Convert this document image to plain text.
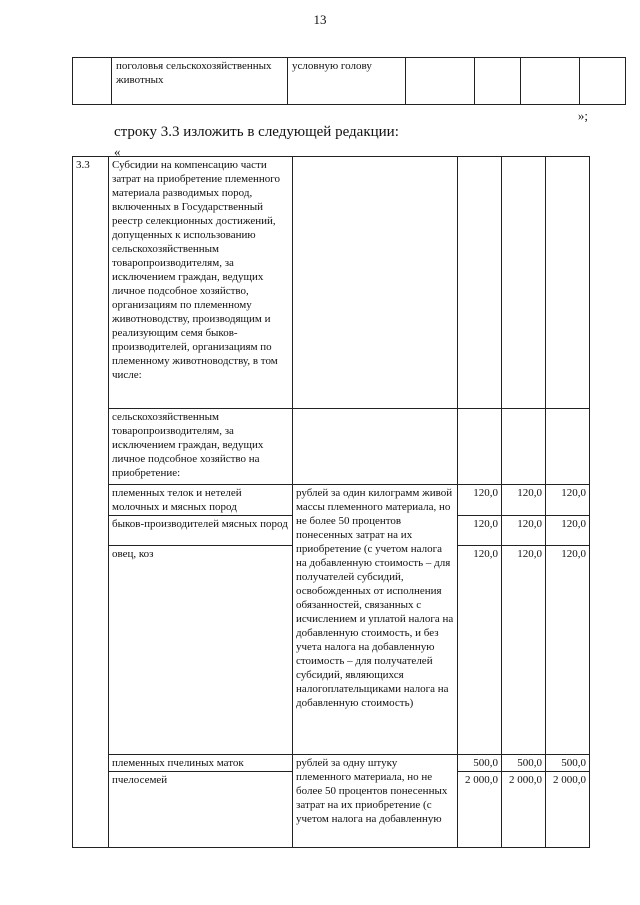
13
	поголовья сельскохозяйственных животных	условную голову				
»;
строку 3.3 изложить в следующей редакции:
«
3.3	Субсидии на компенсацию части затрат на приобретение племенного материала разводимых пород, включенных в Государственный реестр селекционных достижений, допущенных к использованию сельскохозяйственным товаропроизводителям, за исключением граждан, ведущих личное подсобное хозяйство, организациям по племенному животноводству, производящим и реализующим семя быков-производителей, организациям по племенному животноводству, в том числе:				
	сельскохозяйственным товаропроизводителям, за исключением граждан, ведущих личное подсобное хозяйство на приобретение:				
	племенных телок и нетелей молочных и мясных пород	рублей за один килограмм живой массы племенного материала, но не более 50 процентов понесенных затрат на их приобретение (с учетом налога на добавленную стоимость – для получателей субсидий, освобожденных от исполнения обязанностей, связанных с исчислением и уплатой налога на добавленную стоимость, и без учета налога на добавленную стоимость – для получателей субсидий, являющихся налогоплательщиками налога на добавленную стоимость)	120,0	120,0	120,0
	быков-производителей мясных пород		120,0	120,0	120,0
	овец, коз		120,0	120,0	120,0
	племенных пчелиных маток	рублей за одну штуку племенного материала, но не более 50 процентов понесенных затрат на их приобретение (с учетом налога на добавленную	500,0	500,0	500,0
	пчелосемей		2 000,0	2 000,0	2 000,0
